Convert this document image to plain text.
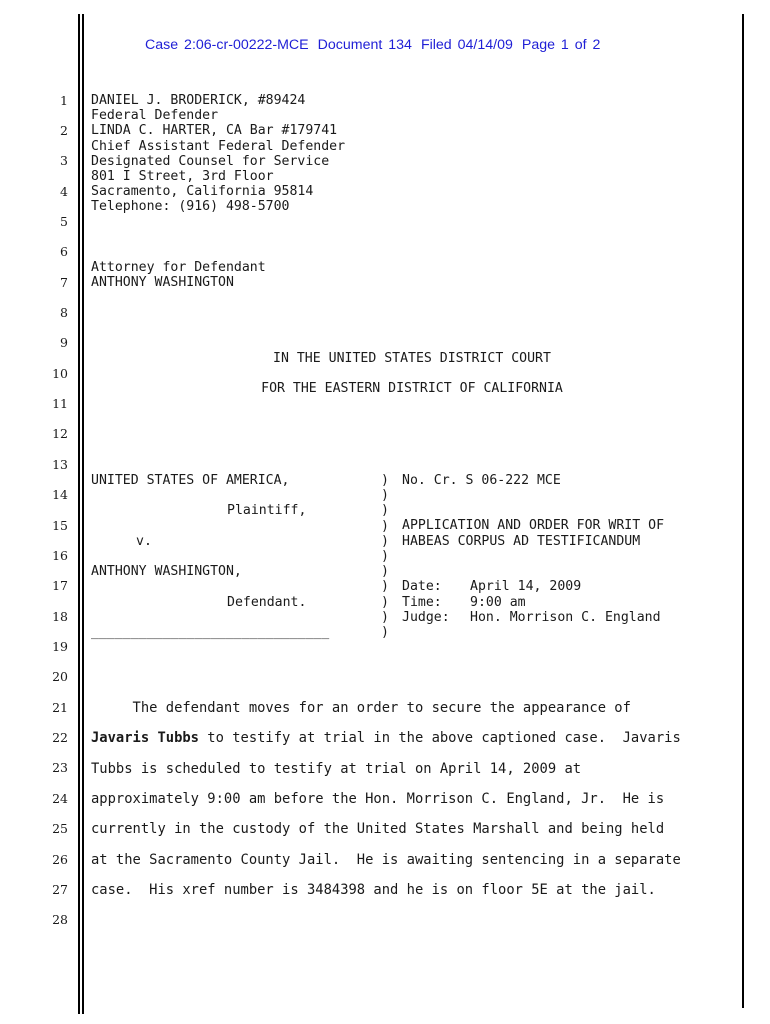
Case 2:06-cr-00222-MCE Document 134 Filed 04/14/09 Page 1 of 2
1
2
3
4
5
6
7
8
9
10
11
12
13
14
15
16
17
18
19
20
21
22
23
24
25
26
27
28
DANIEL J. BRODERICK, #89424
Federal Defender
LINDA C. HARTER, CA Bar #179741
Chief Assistant Federal Defender
Designated Counsel for Service
801 I Street, 3rd Floor
Sacramento, California 95814
Telephone: (916) 498-5700
Attorney for Defendant
ANTHONY WASHINGTON
IN THE UNITED STATES DISTRICT COURT
FOR THE EASTERN DISTRICT OF CALIFORNIA
UNITED STATES OF AMERICA,
Plaintiff,
v.
ANTHONY WASHINGTON,
Defendant.
______________________________
)
)
)
)
)
)
)
)
)
)
)
No. Cr. S 06-222 MCE
APPLICATION AND ORDER FOR WRIT OF
HABEAS CORPUS AD TESTIFICANDUM
Date: April 14, 2009
Time: 9:00 am
Judge: Hon. Morrison C. England
The defendant moves for an order to secure the appearance of
Javaris Tubbs to testify at trial in the above captioned case.  Javaris
Tubbs is scheduled to testify at trial on April 14, 2009 at
approximately 9:00 am before the Hon. Morrison C. England, Jr.  He is
currently in the custody of the United States Marshall and being held
at the Sacramento County Jail.  He is awaiting sentencing in a separate
case.  His xref number is 3484398 and he is on floor 5E at the jail.
